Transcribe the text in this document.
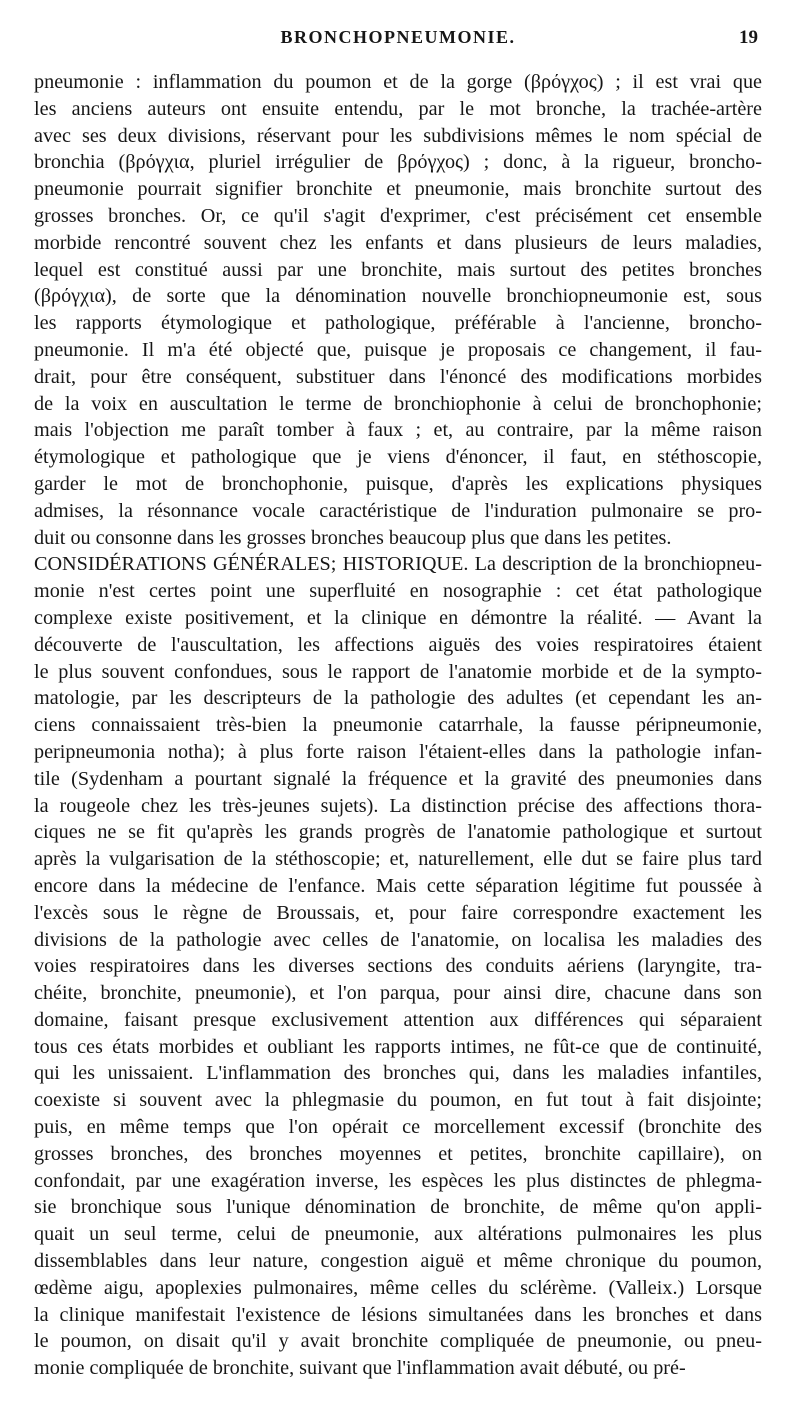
BRONCHOPNEUMONIE.	19
pneumonie : inflammation du poumon et de la gorge (βρόγχος) ; il est vrai que
les anciens auteurs ont ensuite entendu, par le mot bronche, la trachée-artère
avec ses deux divisions, réservant pour les subdivisions mêmes le nom spécial de
bronchia (βρόγχια, pluriel irrégulier de βρόγχος) ; donc, à la rigueur, broncho-
pneumonie pourrait signifier bronchite et pneumonie, mais bronchite surtout des
grosses bronches. Or, ce qu'il s'agit d'exprimer, c'est précisément cet ensemble
morbide rencontré souvent chez les enfants et dans plusieurs de leurs maladies,
lequel est constitué aussi par une bronchite, mais surtout des petites bronches
(βρόγχια), de sorte que la dénomination nouvelle bronchiopneumonie est, sous
les rapports étymologique et pathologique, préférable à l'ancienne, broncho-
pneumonie. Il m'a été objecté que, puisque je proposais ce changement, il fau-
drait, pour être conséquent, substituer dans l'énoncé des modifications morbides
de la voix en auscultation le terme de bronchiophonie à celui de bronchophonie;
mais l'objection me paraît tomber à faux ; et, au contraire, par la même raison
étymologique et pathologique que je viens d'énoncer, il faut, en stéthoscopie,
garder le mot de bronchophonie, puisque, d'après les explications physiques
admises, la résonnance vocale caractéristique de l'induration pulmonaire se pro-
duit ou consonne dans les grosses bronches beaucoup plus que dans les petites.
CONSIDÉRATIONS GÉNÉRALES; HISTORIQUE. La description de la bronchiopneu-
monie n'est certes point une superfluité en nosographie : cet état pathologique
complexe existe positivement, et la clinique en démontre la réalité. — Avant la
découverte de l'auscultation, les affections aiguës des voies respiratoires étaient
le plus souvent confondues, sous le rapport de l'anatomie morbide et de la sympto-
matologie, par les descripteurs de la pathologie des adultes (et cependant les an-
ciens connaissaient très-bien la pneumonie catarrhale, la fausse péripneumonie,
peripneumonia notha); à plus forte raison l'étaient-elles dans la pathologie infan-
tile (Sydenham a pourtant signalé la fréquence et la gravité des pneumonies dans
la rougeole chez les très-jeunes sujets). La distinction précise des affections thora-
ciques ne se fit qu'après les grands progrès de l'anatomie pathologique et surtout
après la vulgarisation de la stéthoscopie; et, naturellement, elle dut se faire plus tard
encore dans la médecine de l'enfance. Mais cette séparation légitime fut poussée à
l'excès sous le règne de Broussais, et, pour faire correspondre exactement les
divisions de la pathologie avec celles de l'anatomie, on localisa les maladies des
voies respiratoires dans les diverses sections des conduits aériens (laryngite, tra-
chéite, bronchite, pneumonie), et l'on parqua, pour ainsi dire, chacune dans son
domaine, faisant presque exclusivement attention aux différences qui séparaient
tous ces états morbides et oubliant les rapports intimes, ne fût-ce que de continuité,
qui les unissaient. L'inflammation des bronches qui, dans les maladies infantiles,
coexiste si souvent avec la phlegmasie du poumon, en fut tout à fait disjointe;
puis, en même temps que l'on opérait ce morcellement excessif (bronchite des
grosses bronches, des bronches moyennes et petites, bronchite capillaire), on
confondait, par une exagération inverse, les espèces les plus distinctes de phlegma-
sie bronchique sous l'unique dénomination de bronchite, de même qu'on appli-
quait un seul terme, celui de pneumonie, aux altérations pulmonaires les plus
dissemblables dans leur nature, congestion aiguë et même chronique du poumon,
œdème aigu, apoplexies pulmonaires, même celles du sclérème. (Valleix.) Lorsque
la clinique manifestait l'existence de lésions simultanées dans les bronches et dans
le poumon, on disait qu'il y avait bronchite compliquée de pneumonie, ou pneu-
monie compliquée de bronchite, suivant que l'inflammation avait débuté, ou pré-
